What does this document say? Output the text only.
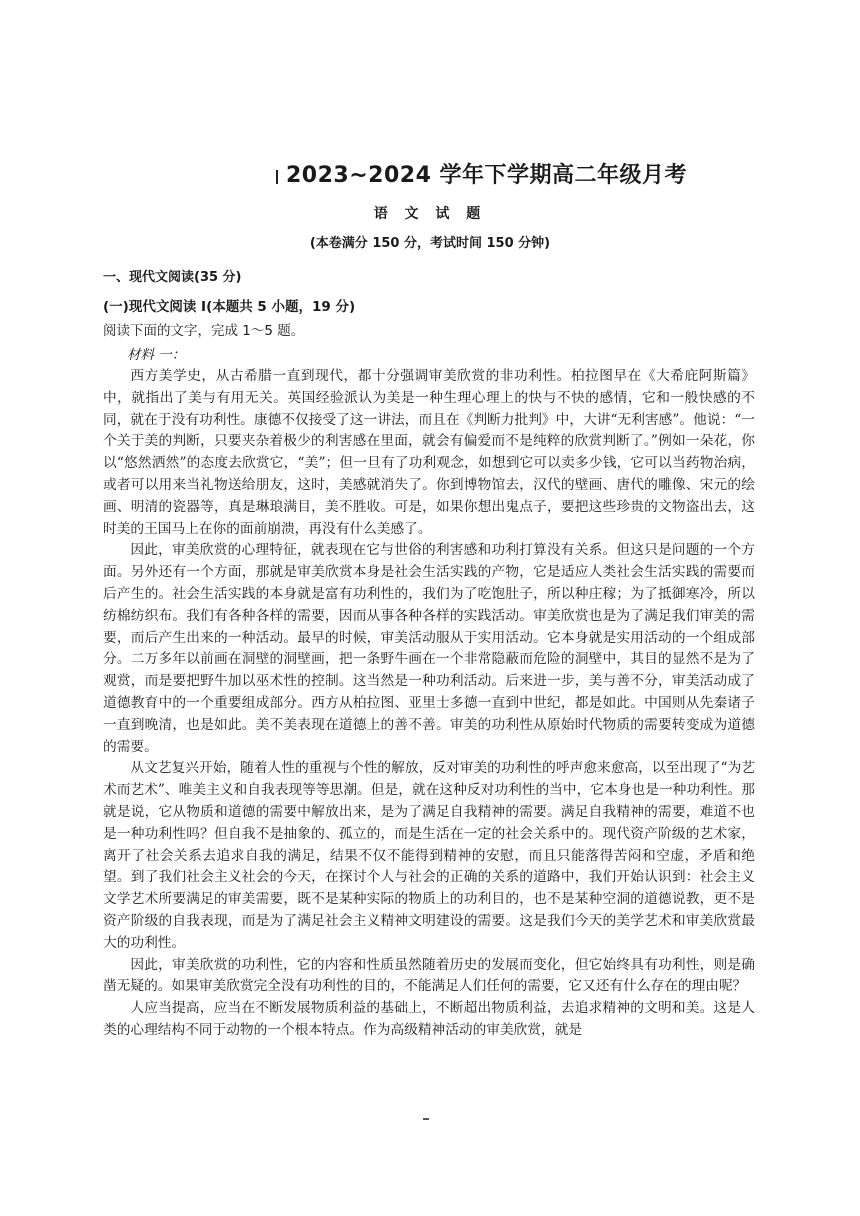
2023~2024 学年下学期高二年级月考
语 文 试 题
(本卷满分 150 分，考试时间 150 分钟)
一、现代文阅读(35 分)
(一)现代文阅读 I(本题共 5 小题，19 分)
阅读下面的文字，完成 1～5 题。
材料 一：

西方美学史，从古希腊一直到现代，都十分强调审美欣赏的非功利性。柏拉图早在《大希庇阿斯篇》中，就指出了美与有用无关。英国经验派认为美是一种生理心理上的快与不快的感情，它和一般快感的不同，就在于没有功利性。康德不仅接受了这一讲法，而且在《判断力批判》中，大讲“无利害感”。他说：“一个关于美的判断，只要夹杂着极少的利害感在里面，就会有偏爱而不是纯粹的欣赏判断了。”例如一朵花，你以“悠然洒然”的态度去欣赏它，“美”；但一旦有了功利观念，如想到它可以卖多少钱，它可以当药物治病，或者可以用来当礼物送给朋友，这时，美感就消失了。你到博物馆去，汉代的壁画、唐代的雕像、宋元的绘画、明清的瓷器等，真是琳琅满目，美不胜收。可是，如果你想出鬼点子，要把这些珍贵的文物盗出去，这时美的王国马上在你的面前崩溃，再没有什么美感了。

因此，审美欣赏的心理特征，就表现在它与世俗的利害感和功利打算没有关系。但这只是问题的一个方面。另外还有一个方面，那就是审美欣赏本身是社会生活实践的产物，它是适应人类社会生活实践的需要而后产生的。社会生活实践的本身就是富有功利性的，我们为了吃饱肚子，所以种庄稼；为了抵御寒冷，所以纺棉纺织布。我们有各种各样的需要，因而从事各种各样的实践活动。审美欣赏也是为了满足我们审美的需要，而后产生出来的一种活动。最早的时候，审美活动服从于实用活动。它本身就是实用活动的一个组成部分。二万多年以前画在洞壁的洞壁画，把一条野牛画在一个非常隐蔽而危险的洞壁中，其目的显然不是为了观赏，而是要把野牛加以巫术性的控制。这当然是一种功利活动。后来进一步，美与善不分，审美活动成了道德教育中的一个重要组成部分。西方从柏拉图、亚里士多德一直到中世纪，都是如此。中国则从先秦诸子一直到晚清，也是如此。美不美表现在道德上的善不善。审美的功利性从原始时代物质的需要转变成为道德的需要。

从文艺复兴开始，随着人性的重视与个性的解放，反对审美的功利性的呼声愈来愈高，以至出现了“为艺术而艺术”、唯美主义和自我表现等等思潮。但是，就在这种反对功利性的当中，它本身也是一种功利性。那就是说，它从物质和道德的需要中解放出来，是为了满足自我精神的需要。满足自我精神的需要，难道不也是一种功利性吗？但自我不是抽象的、孤立的，而是生活在一定的社会关系中的。现代资产阶级的艺术家，离开了社会关系去追求自我的满足，结果不仅不能得到精神的安慰，而且只能落得苦闷和空虚，矛盾和绝望。到了我们社会主义社会的今天，在探讨个人与社会的正确的关系的道路中，我们开始认识到：社会主义文学艺术所要满足的审美需要，既不是某种实际的物质上的功利目的，也不是某种空洞的道德说教，更不是资产阶级的自我表现，而是为了满足社会主义精神文明建设的需要。这是我们今天的美学艺术和审美欣赏最大的功利性。

因此，审美欣赏的功利性，它的内容和性质虽然随着历史的发展而变化，但它始终具有功利性，则是确凿无疑的。如果审美欣赏完全没有功利性的目的，不能满足人们任何的需要，它又还有什么存在的理由呢？

人应当提高，应当在不断发展物质利益的基础上，不断超出物质利益，去追求精神的文明和美。这是人类的心理结构不同于动物的一个根本特点。作为高级精神活动的审美欣赏，就是
